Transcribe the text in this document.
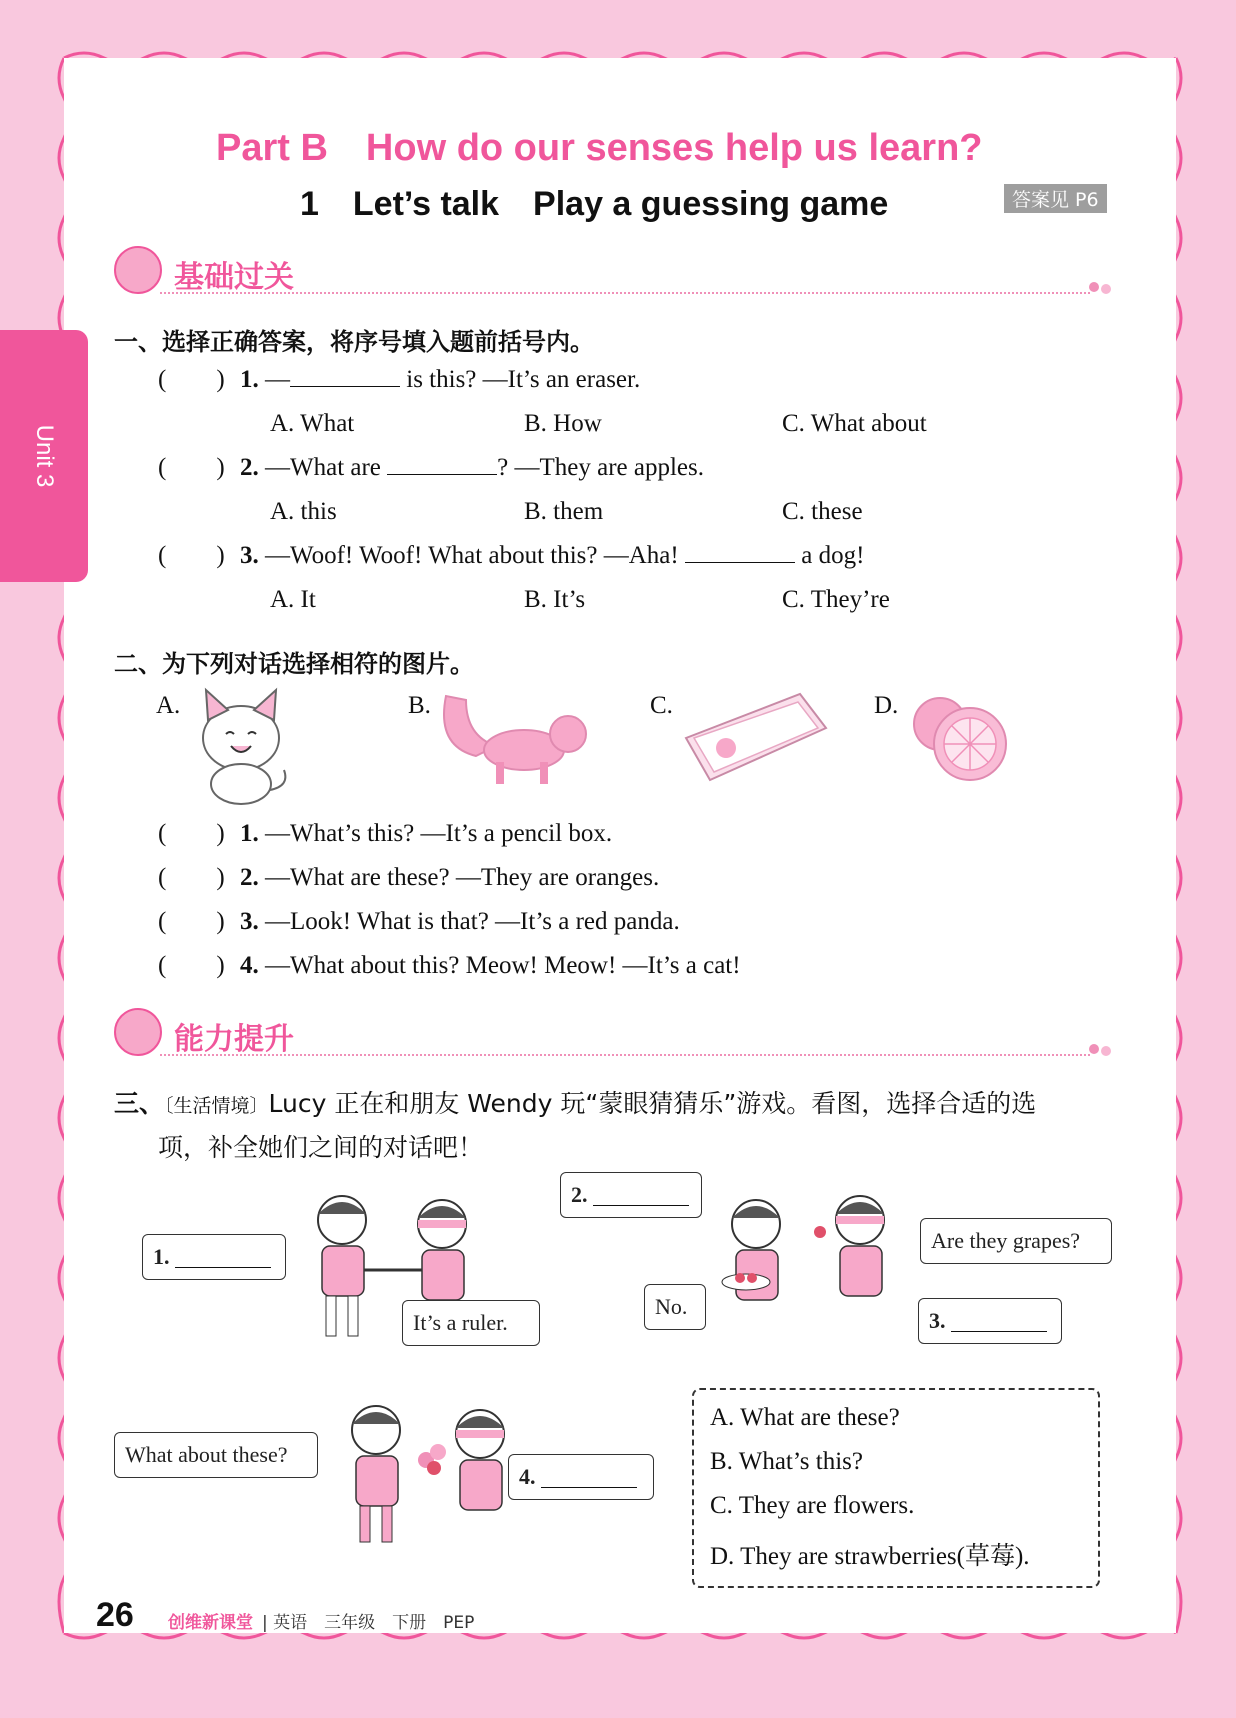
Unit 3
Part B　How do our senses help us learn?
1　Let’s talk　Play a guessing game	答案见 P6
基础过关
一、选择正确答案，将序号填入题前括号内。
(        ) 1. —	is this? —It’s an eraser.
A. What	B. How	C. What about
(        ) 2. —What are	? —They are apples.
A. this	B. them	C. these
(        ) 3. —Woof! Woof! What about this? —Aha!	a dog!
A. It	B. It’s	C. They’re
二、为下列对话选择相符的图片。
A.	B.	C.	D.
(        ) 1. —What’s this? —It’s a pencil box.
(        ) 2. —What are these? —They are oranges.
(        ) 3. —Look! What is that? —It’s a red panda.
(        ) 4. —What about this? Meow! Meow! —It’s a cat!
能力提升
三、〔生活情境〕Lucy 正在和朋友 Wendy 玩“蒙眼猜猜乐”游戏。看图，选择合适的选
项，补全她们之间的对话吧！
1.

It’s a ruler.
2.

Are they grapes?
No.
3.

What about these?
4.

A. What are these?
B. What’s this?
C. They are flowers.
D. They are strawberries(草莓).
26 创维新课堂 | 英语　三年级　下册　PEP
